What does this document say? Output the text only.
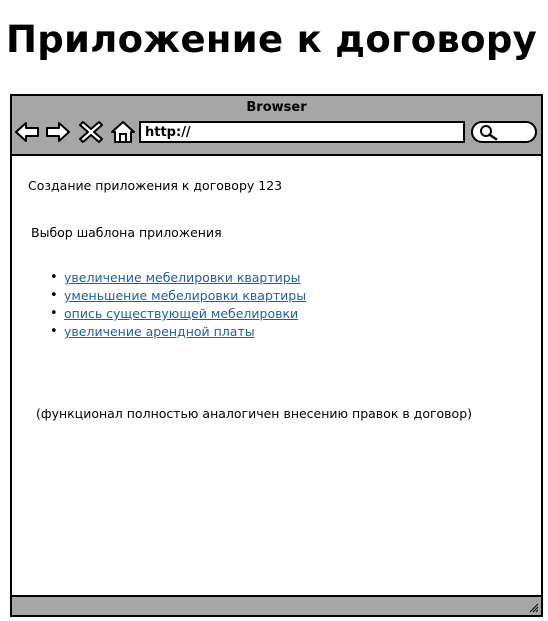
Приложение к договору
Browser
http://
Создание приложения к договору 123
Выбор шаблона приложения
• увеличение мебелировки квартиры
• уменьшение мебелировки квартиры
• опись существующей мебелировки
• увеличение арендной платы
(функционал полностью аналогичен внесению правок в договор)
